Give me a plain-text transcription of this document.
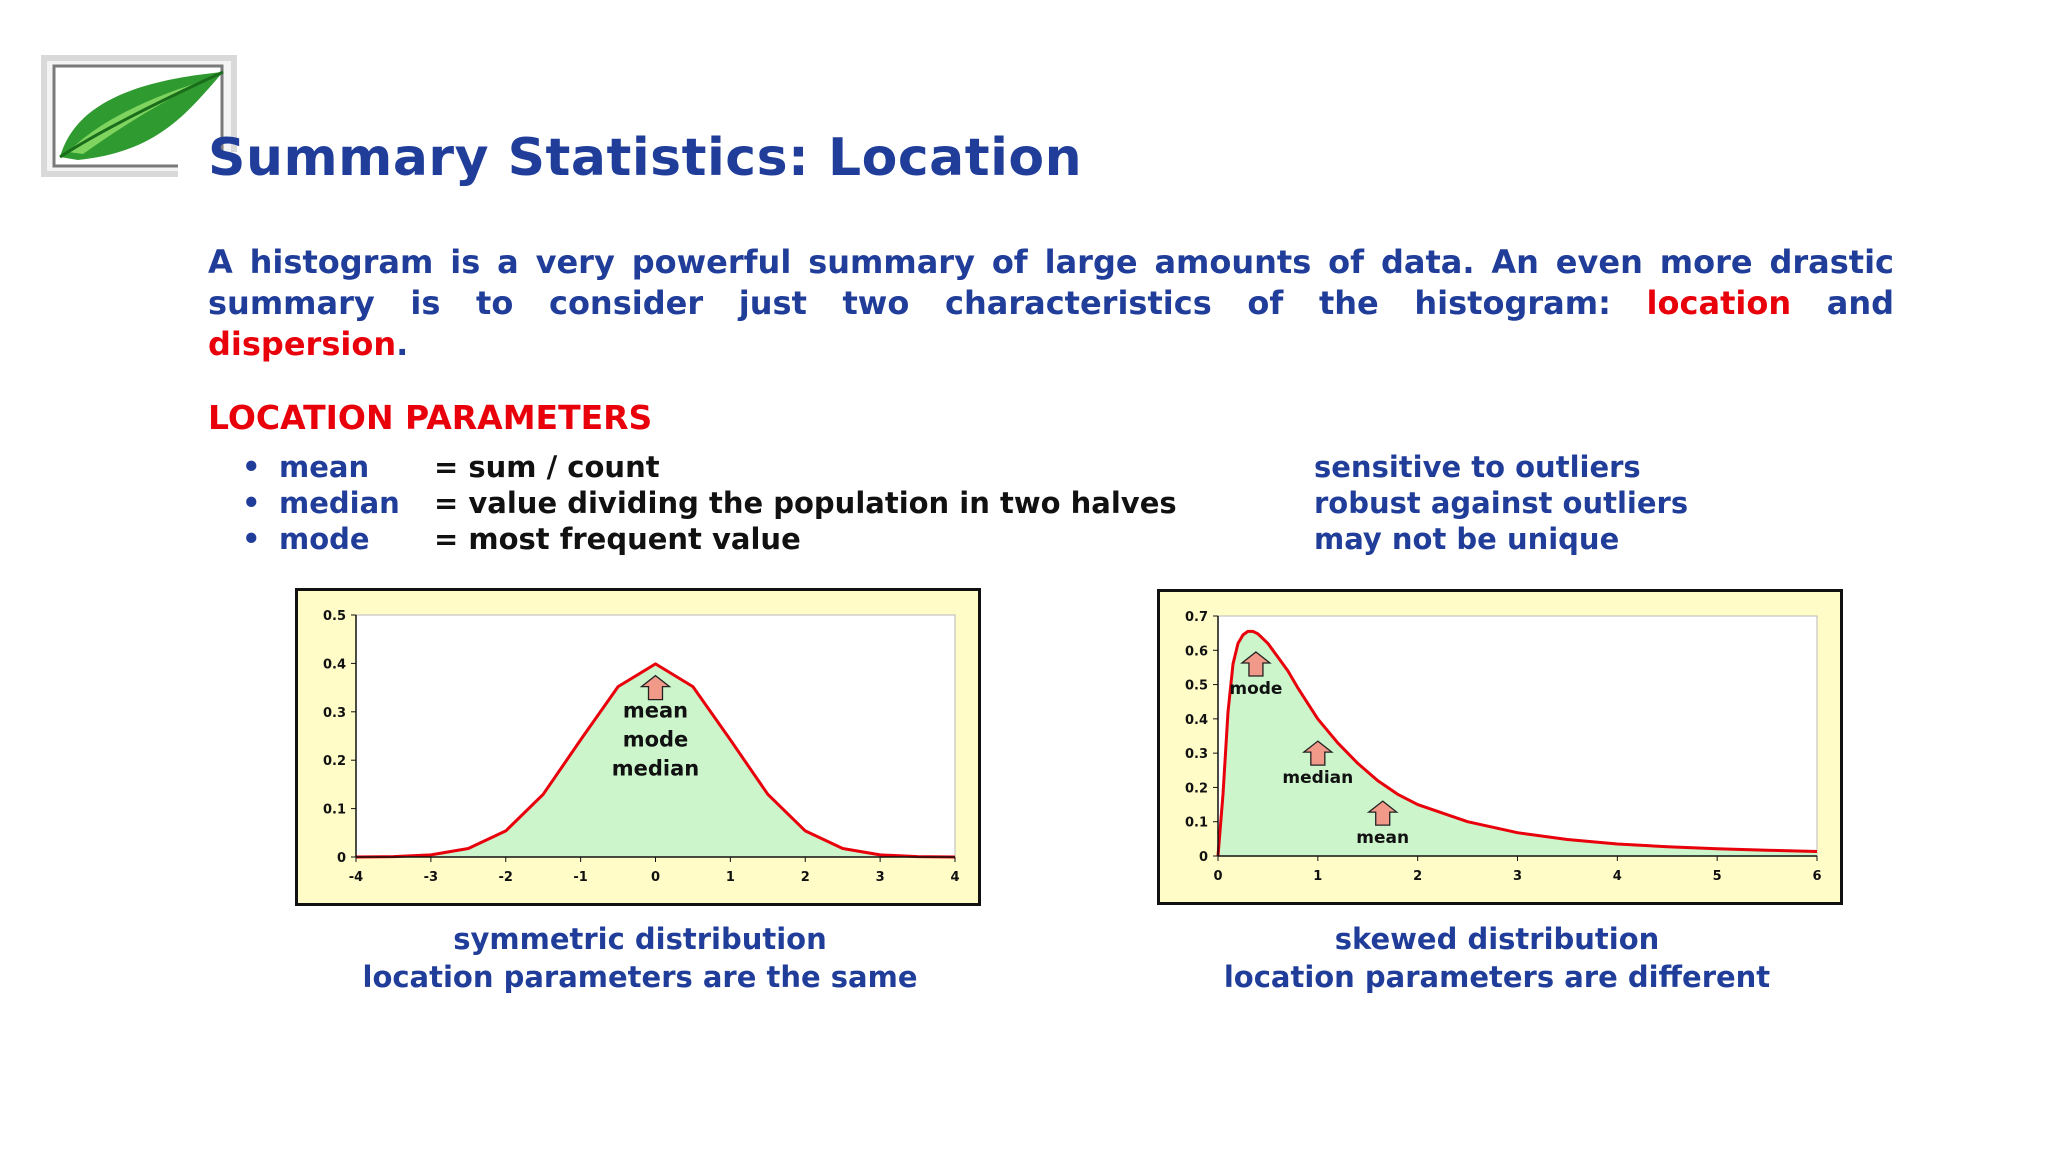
Summary Statistics: Location
A histogram is a very powerful summary of large amounts of data. An even more drastic summary is to consider just two characteristics of the histogram: location and dispersion.
LOCATION PARAMETERS
• mean = sum / count	sensitive to outliers
• median = value dividing the population in two halves	robust against outliers
• mode = most frequent value	may not be unique
-4	-3	-2	-1	0	1	2	3	4
0
0.1
0.2
0.3
0.4
0.5
mean
mode
median
0	1	2	3	4	5	6
0
0.1
0.2
0.3
0.4
0.5
0.6
0.7
mode
median
mean
symmetric distribution
location parameters are the same
skewed distribution
location parameters are different
